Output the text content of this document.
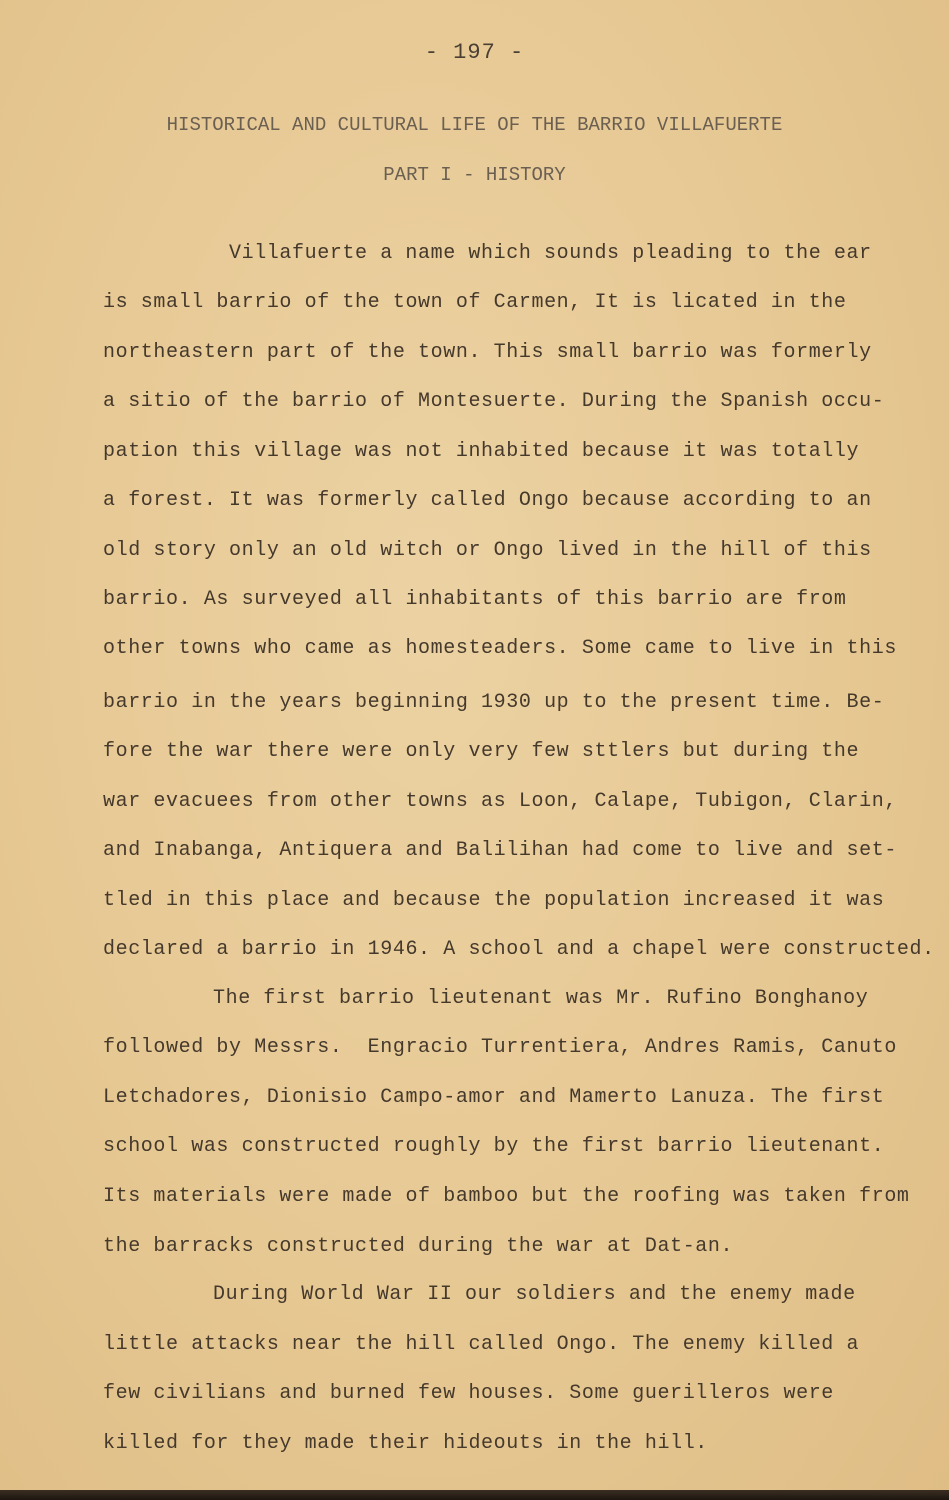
- 197 -
HISTORICAL AND CULTURAL LIFE OF THE BARRIO VILLAFUERTE
PART I - HISTORY
Villafuerte a name which sounds pleading to the ear
is small barrio of the town of Carmen, It is licated in the
northeastern part of the town. This small barrio was formerly
a sitio of the barrio of Montesuerte. During the Spanish occu-
pation this village was not inhabited because it was totally
a forest. It was formerly called Ongo because according to an
old story only an old witch or Ongo lived in the hill of this
barrio. As surveyed all inhabitants of this barrio are from
other towns who came as homesteaders. Some came to live in this
barrio in the years beginning 1930 up to the present time. Be-
fore the war there were only very few sttlers but during the
war evacuees from other towns as Loon, Calape, Tubigon, Clarin,
and Inabanga, Antiquera and Balilihan had come to live and set-
tled in this place and because the population increased it was
declared a barrio in 1946. A school and a chapel were constructed.
The first barrio lieutenant was Mr. Rufino Bonghanoy
followed by Messrs.  Engracio Turrentiera, Andres Ramis, Canuto
Letchadores, Dionisio Campo-amor and Mamerto Lanuza. The first
school was constructed roughly by the first barrio lieutenant.
Its materials were made of bamboo but the roofing was taken from
the barracks constructed during the war at Dat-an.
During World War II our soldiers and the enemy made
little attacks near the hill called Ongo. The enemy killed a
few civilians and burned few houses. Some guerilleros were
killed for they made their hideouts in the hill.
